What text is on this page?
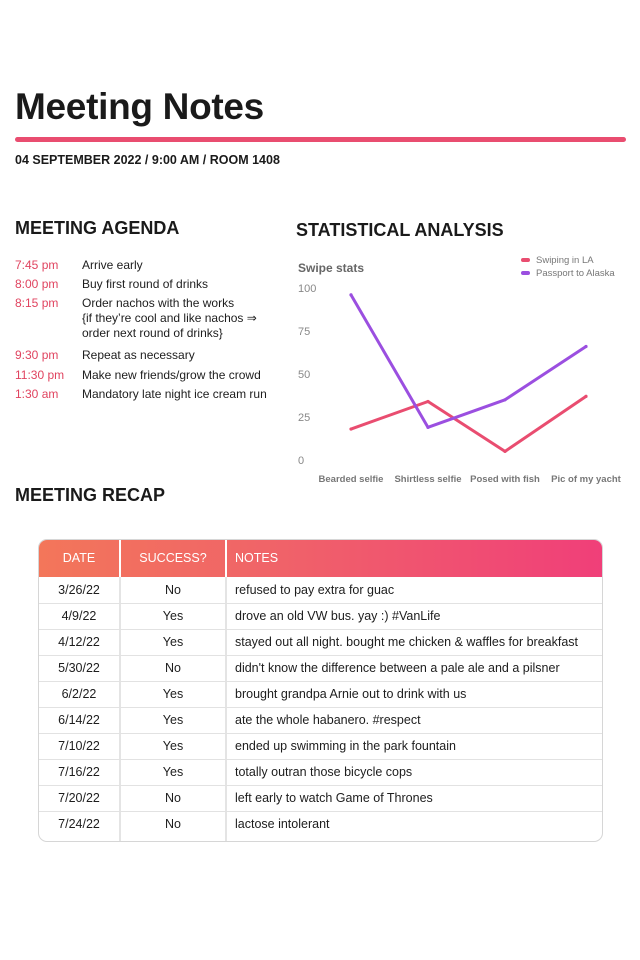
Meeting Notes
04 SEPTEMBER 2022 / 9:00 AM / ROOM 1408
MEETING AGENDA
7:45 pm Arrive early
8:00 pm Buy first round of drinks
8:15 pm Order nachos with the works
{if they’re cool and like nachos ⇒
order next round of drinks}
9:30 pm Repeat as necessary
11:30 pm Make new friends/grow the crowd
1:30 am Mandatory late night ice cream run
STATISTICAL ANALYSIS
Swipe stats
0
25
50
75
100
Bearded selfie Shirtless selfie Posed with fish Pic of my yacht
Swiping in LA
Passport to Alaska
MEETING RECAP
DATE	SUCCESS?	NOTES
3/26/22	No	refused to pay extra for guac
4/9/22	Yes	drove an old VW bus. yay :) #VanLife
4/12/22	Yes	stayed out all night. bought me chicken & waffles for breakfast
5/30/22	No	didn't know the difference between a pale ale and a pilsner
6/2/22	Yes	brought grandpa Arnie out to drink with us
6/14/22	Yes	ate the whole habanero. #respect
7/10/22	Yes	ended up swimming in the park fountain
7/16/22	Yes	totally outran those bicycle cops
7/20/22	No	left early to watch Game of Thrones
7/24/22	No	lactose intolerant
